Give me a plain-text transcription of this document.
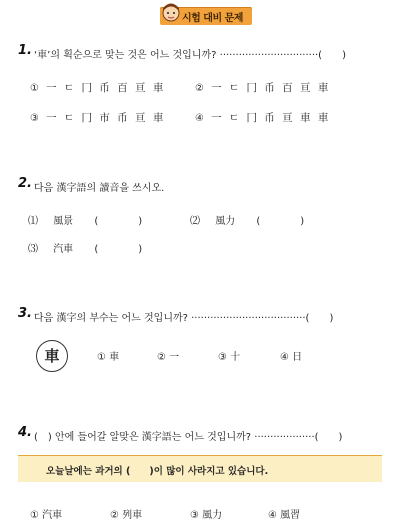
시험 대비 문제
1. ‘車’의 획순으로 맞는 것은 어느 것입니까? ·······························(　　)
① 一 ㄷ 冂 币 百 亘 車	② 一 ㄷ 冂 币 百 亘 車
③ 一 ㄷ 冂 市 币 亘 車	④ 一 ㄷ 冂 币 亘 車 車
2. 다음 漢字語의 讀音을 쓰시오.
⑴ 風景 (　　　　)	⑵ 風力 (　　　　)
⑶ 汽車 (　　　　)
3. 다음 漢字의 부수는 어느 것입니까? ····································(　　)
車	① 車	② 一	③ 十	④ 日
4. (　) 안에 들어갈 알맞은 漢字語는 어느 것입니까? ···················(　　)
오늘날에는 과거의 (　　)이 많이 사라지고 있습니다.
① 汽車	② 列車	③ 風力	④ 風習
